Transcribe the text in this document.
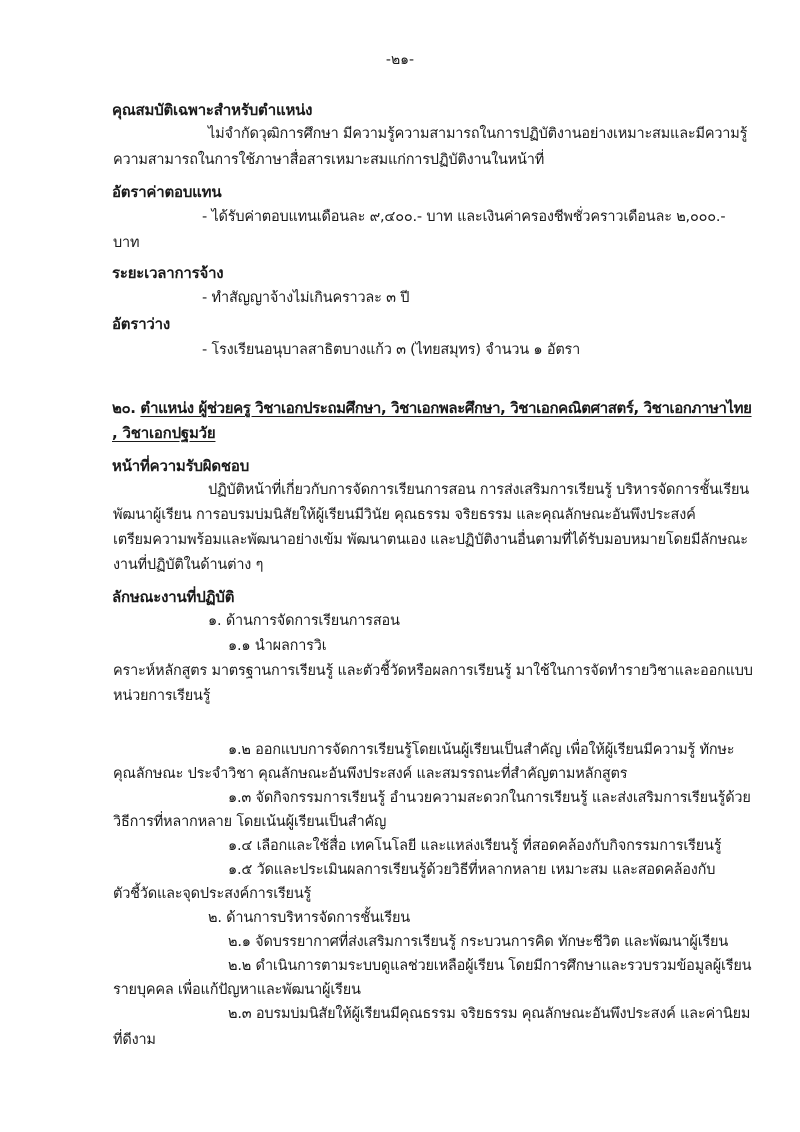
-๒๑-
คุณสมบัติเฉพาะสำหรับตำแหน่ง
ไม่จำกัดวุฒิการศึกษา มีความรู้ความสามารถในการปฏิบัติงานอย่างเหมาะสมและมีความรู้
ความสามารถในการใช้ภาษาสื่อสารเหมาะสมแก่การปฏิบัติงานในหน้าที่
อัตราค่าตอบแทน
- ได้รับค่าตอบแทนเดือนละ ๙,๔๐๐.- บาท และเงินค่าครองชีพชั่วคราวเดือนละ ๒,๐๐๐.-
บาท
ระยะเวลาการจ้าง
- ทำสัญญาจ้างไม่เกินคราวละ ๓ ปี
อัตราว่าง
- โรงเรียนอนุบาลสาธิตบางแก้ว ๓ (ไทยสมุทร) จำนวน ๑ อัตรา
๒๐. ตำแหน่ง ผู้ช่วยครู วิชาเอกประถมศึกษา, วิชาเอกพละศึกษา, วิชาเอกคณิตศาสตร์, วิชาเอกภาษาไทย
, วิชาเอกปฐมวัย
หน้าที่ความรับผิดชอบ
ปฏิบัติหน้าที่เกี่ยวกับการจัดการเรียนการสอน การส่งเสริมการเรียนรู้ บริหารจัดการชั้นเรียน
พัฒนาผู้เรียน การอบรมบ่มนิสัยให้ผู้เรียนมีวินัย คุณธรรม จริยธรรม และคุณลักษณะอันพึงประสงค์
เตรียมความพร้อมและพัฒนาอย่างเข้ม พัฒนาตนเอง และปฏิบัติงานอื่นตามที่ได้รับมอบหมายโดยมีลักษณะ
งานที่ปฏิบัติในด้านต่าง ๆ
ลักษณะงานที่ปฏิบัติ
๑. ด้านการจัดการเรียนการสอน
๑.๑ นำผลการวิเ
คราะห์หลักสูตร มาตรฐานการเรียนรู้ และตัวชี้วัดหรือผลการเรียนรู้ มาใช้ในการจัดทำรายวิชาและออกแบบ
หน่วยการเรียนรู้
๑.๒ ออกแบบการจัดการเรียนรู้โดยเน้นผู้เรียนเป็นสำคัญ เพื่อให้ผู้เรียนมีความรู้ ทักษะ
คุณลักษณะ ประจำวิชา คุณลักษณะอันพึงประสงค์ และสมรรถนะที่สำคัญตามหลักสูตร
๑.๓ จัดกิจกรรมการเรียนรู้ อำนวยความสะดวกในการเรียนรู้ และส่งเสริมการเรียนรู้ด้วย
วิธีการที่หลากหลาย โดยเน้นผู้เรียนเป็นสำคัญ
๑.๔ เลือกและใช้สื่อ เทคโนโลยี และแหล่งเรียนรู้ ที่สอดคล้องกับกิจกรรมการเรียนรู้
๑.๕ วัดและประเมินผลการเรียนรู้ด้วยวิธีที่หลากหลาย เหมาะสม และสอดคล้องกับ
ตัวชี้วัดและจุดประสงค์การเรียนรู้
๒. ด้านการบริหารจัดการชั้นเรียน
๒.๑ จัดบรรยากาศที่ส่งเสริมการเรียนรู้ กระบวนการคิด ทักษะชีวิต และพัฒนาผู้เรียน
๒.๒ ดำเนินการตามระบบดูแลช่วยเหลือผู้เรียน โดยมีการศึกษาและรวบรวมข้อมูลผู้เรียน
รายบุคคล เพื่อแก้ปัญหาและพัฒนาผู้เรียน
๒.๓ อบรมบ่มนิสัยให้ผู้เรียนมีคุณธรรม จริยธรรม คุณลักษณะอันพึงประสงค์ และค่านิยม
ที่ดีงาม
